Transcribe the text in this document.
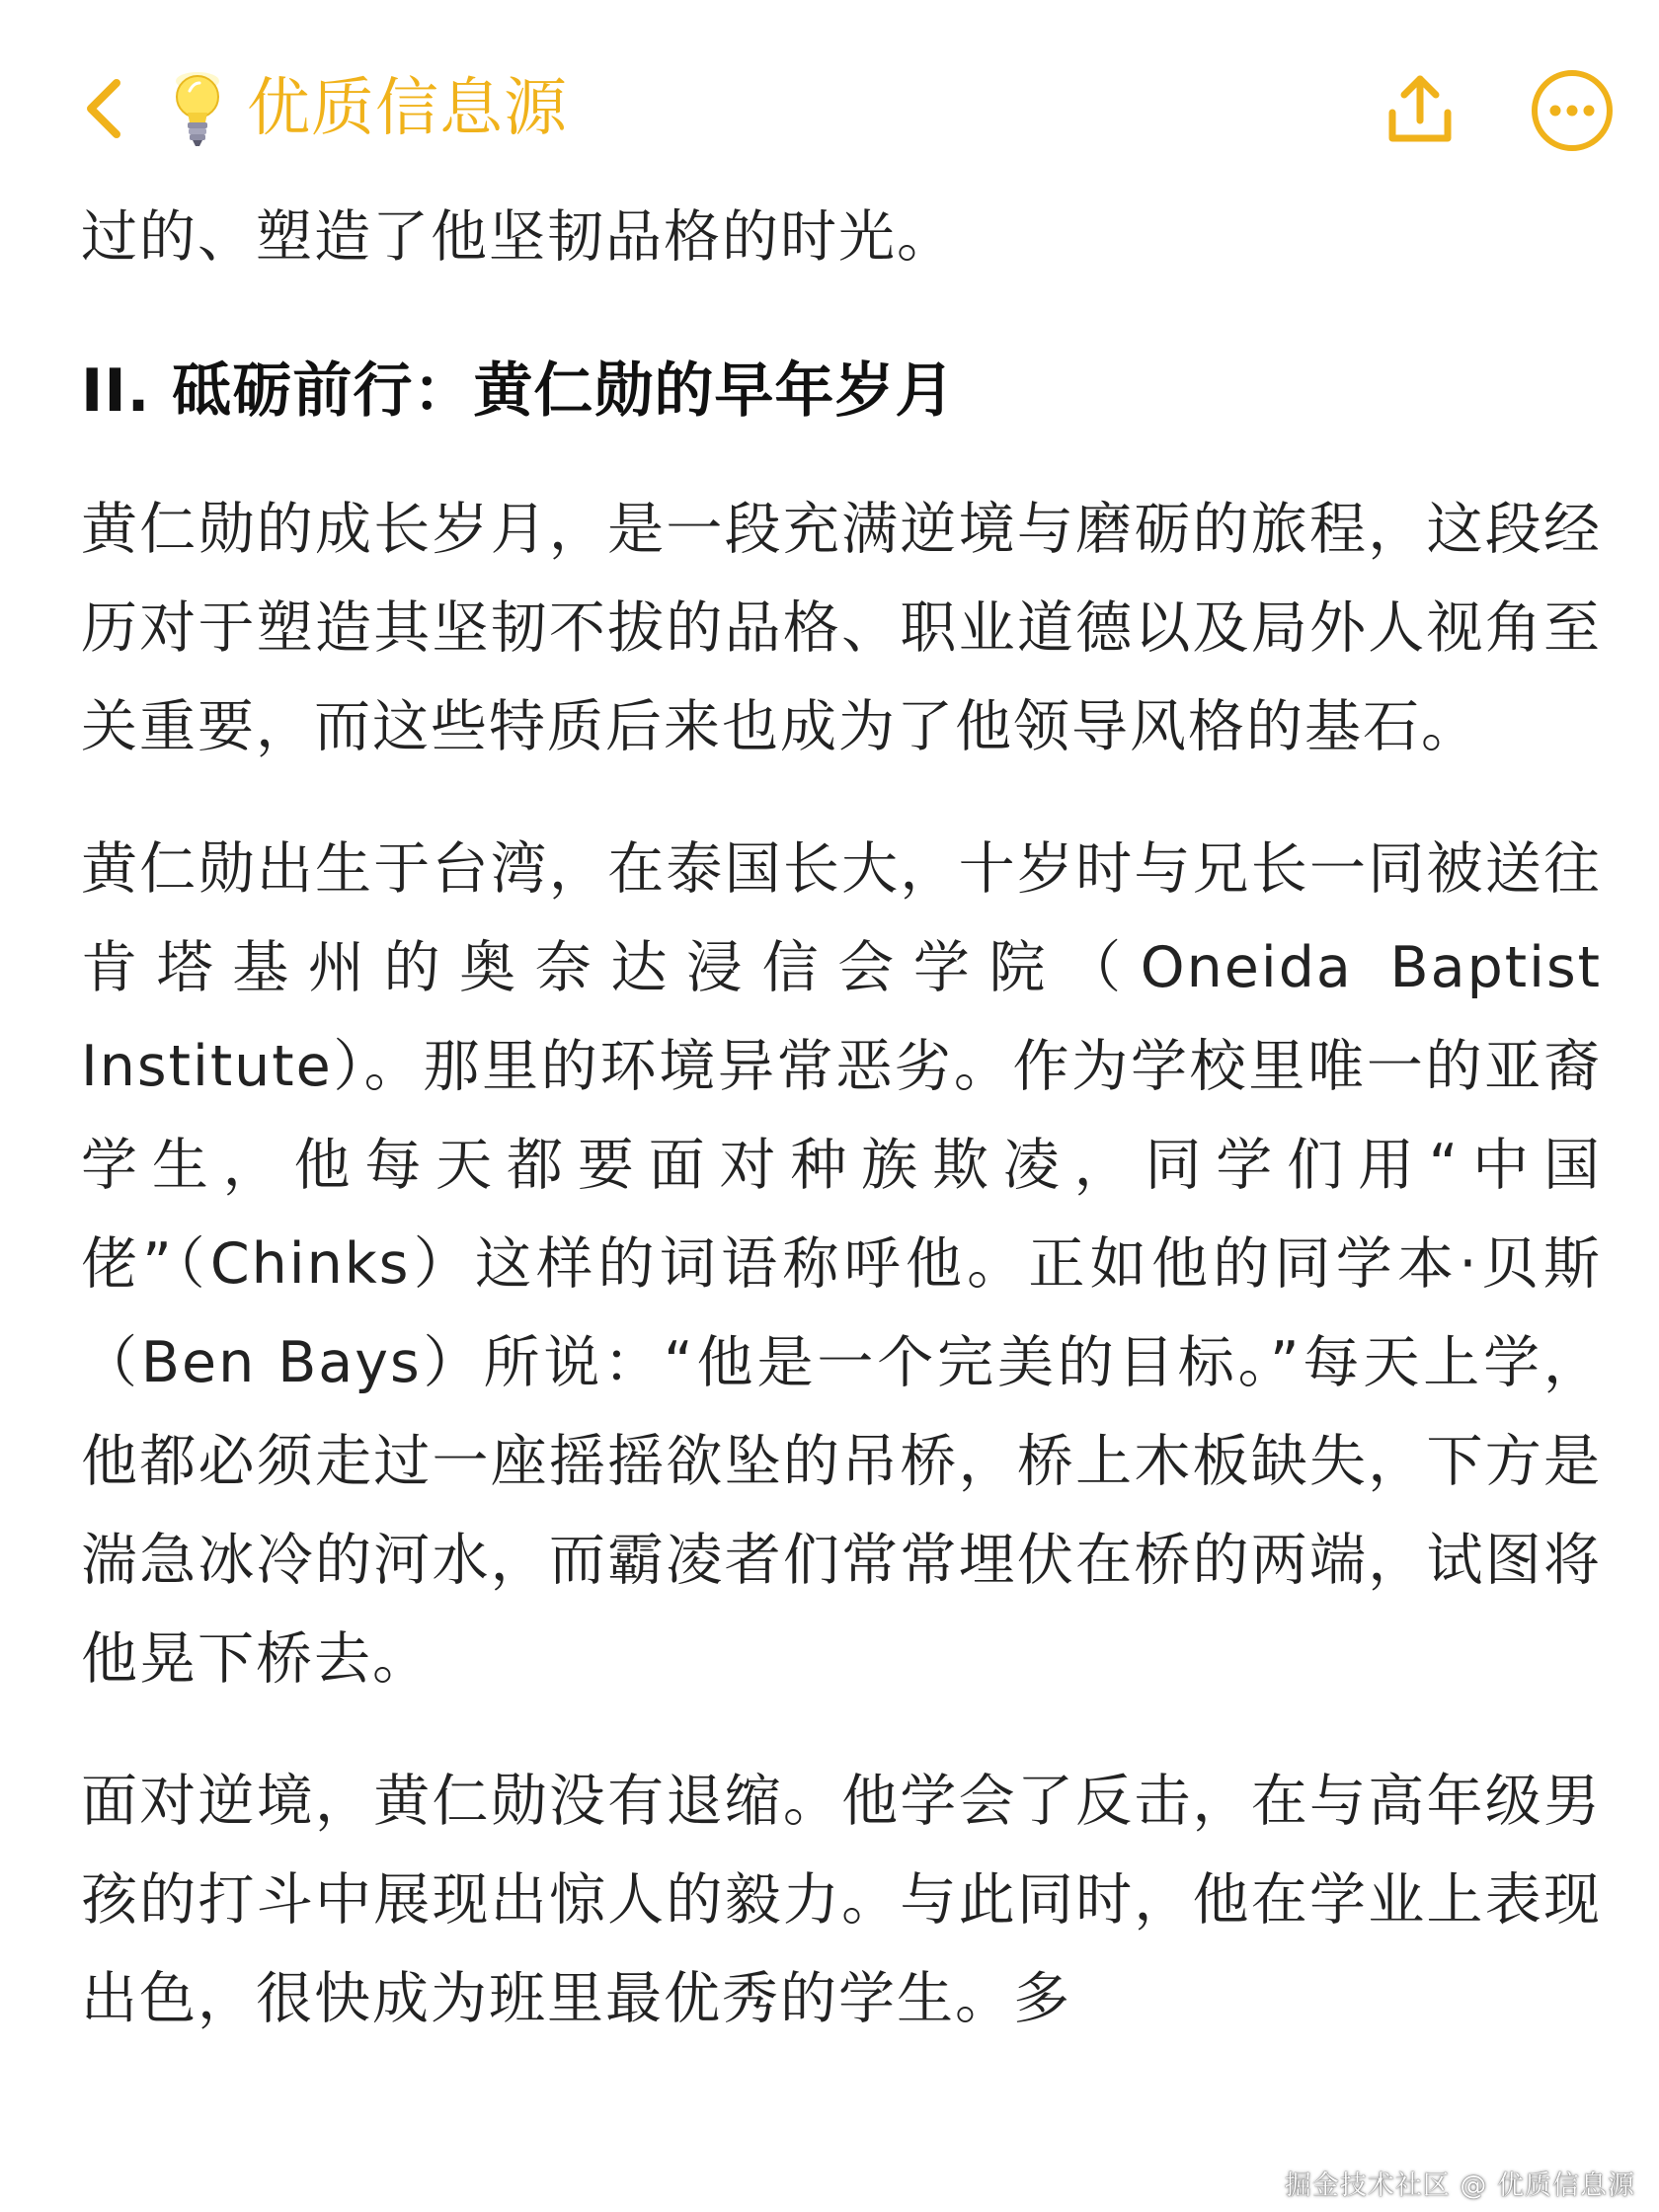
优质信息源

过的、塑造了他坚韧品格的时光。

II. 砥砺前行：黄仁勋的早年岁月

黄仁勋的成长岁月，是一段充满逆境与磨砺的旅程，这段经历对于塑造其坚韧不拔的品格、职业道德以及局外人视角至关重要，而这些特质后来也成为了他领导风格的基石。

黄仁勋出生于台湾，在泰国长大，十岁时与兄长一同被送往肯塔基州的奥奈达浸信会学院（Oneida Baptist Institute）。那里的环境异常恶劣。作为学校里唯一的亚裔学生，他每天都要面对种族欺凌，同学们用“中国佬”（Chinks）这样的词语称呼他。正如他的同学本·贝斯（Ben Bays）所说：“他是一个完美的目标。”每天上学，他都必须走过一座摇摇欲坠的吊桥，桥上木板缺失，下方是湍急冰冷的河水，而霸凌者们常常埋伏在桥的两端，试图将他晃下桥去。

面对逆境，黄仁勋没有退缩。他学会了反击，在与高年级男孩的打斗中展现出惊人的毅力。与此同时，他在学业上表现出色，很快成为班里最优秀的学生。多

掘金技术社区 @ 优质信息源
